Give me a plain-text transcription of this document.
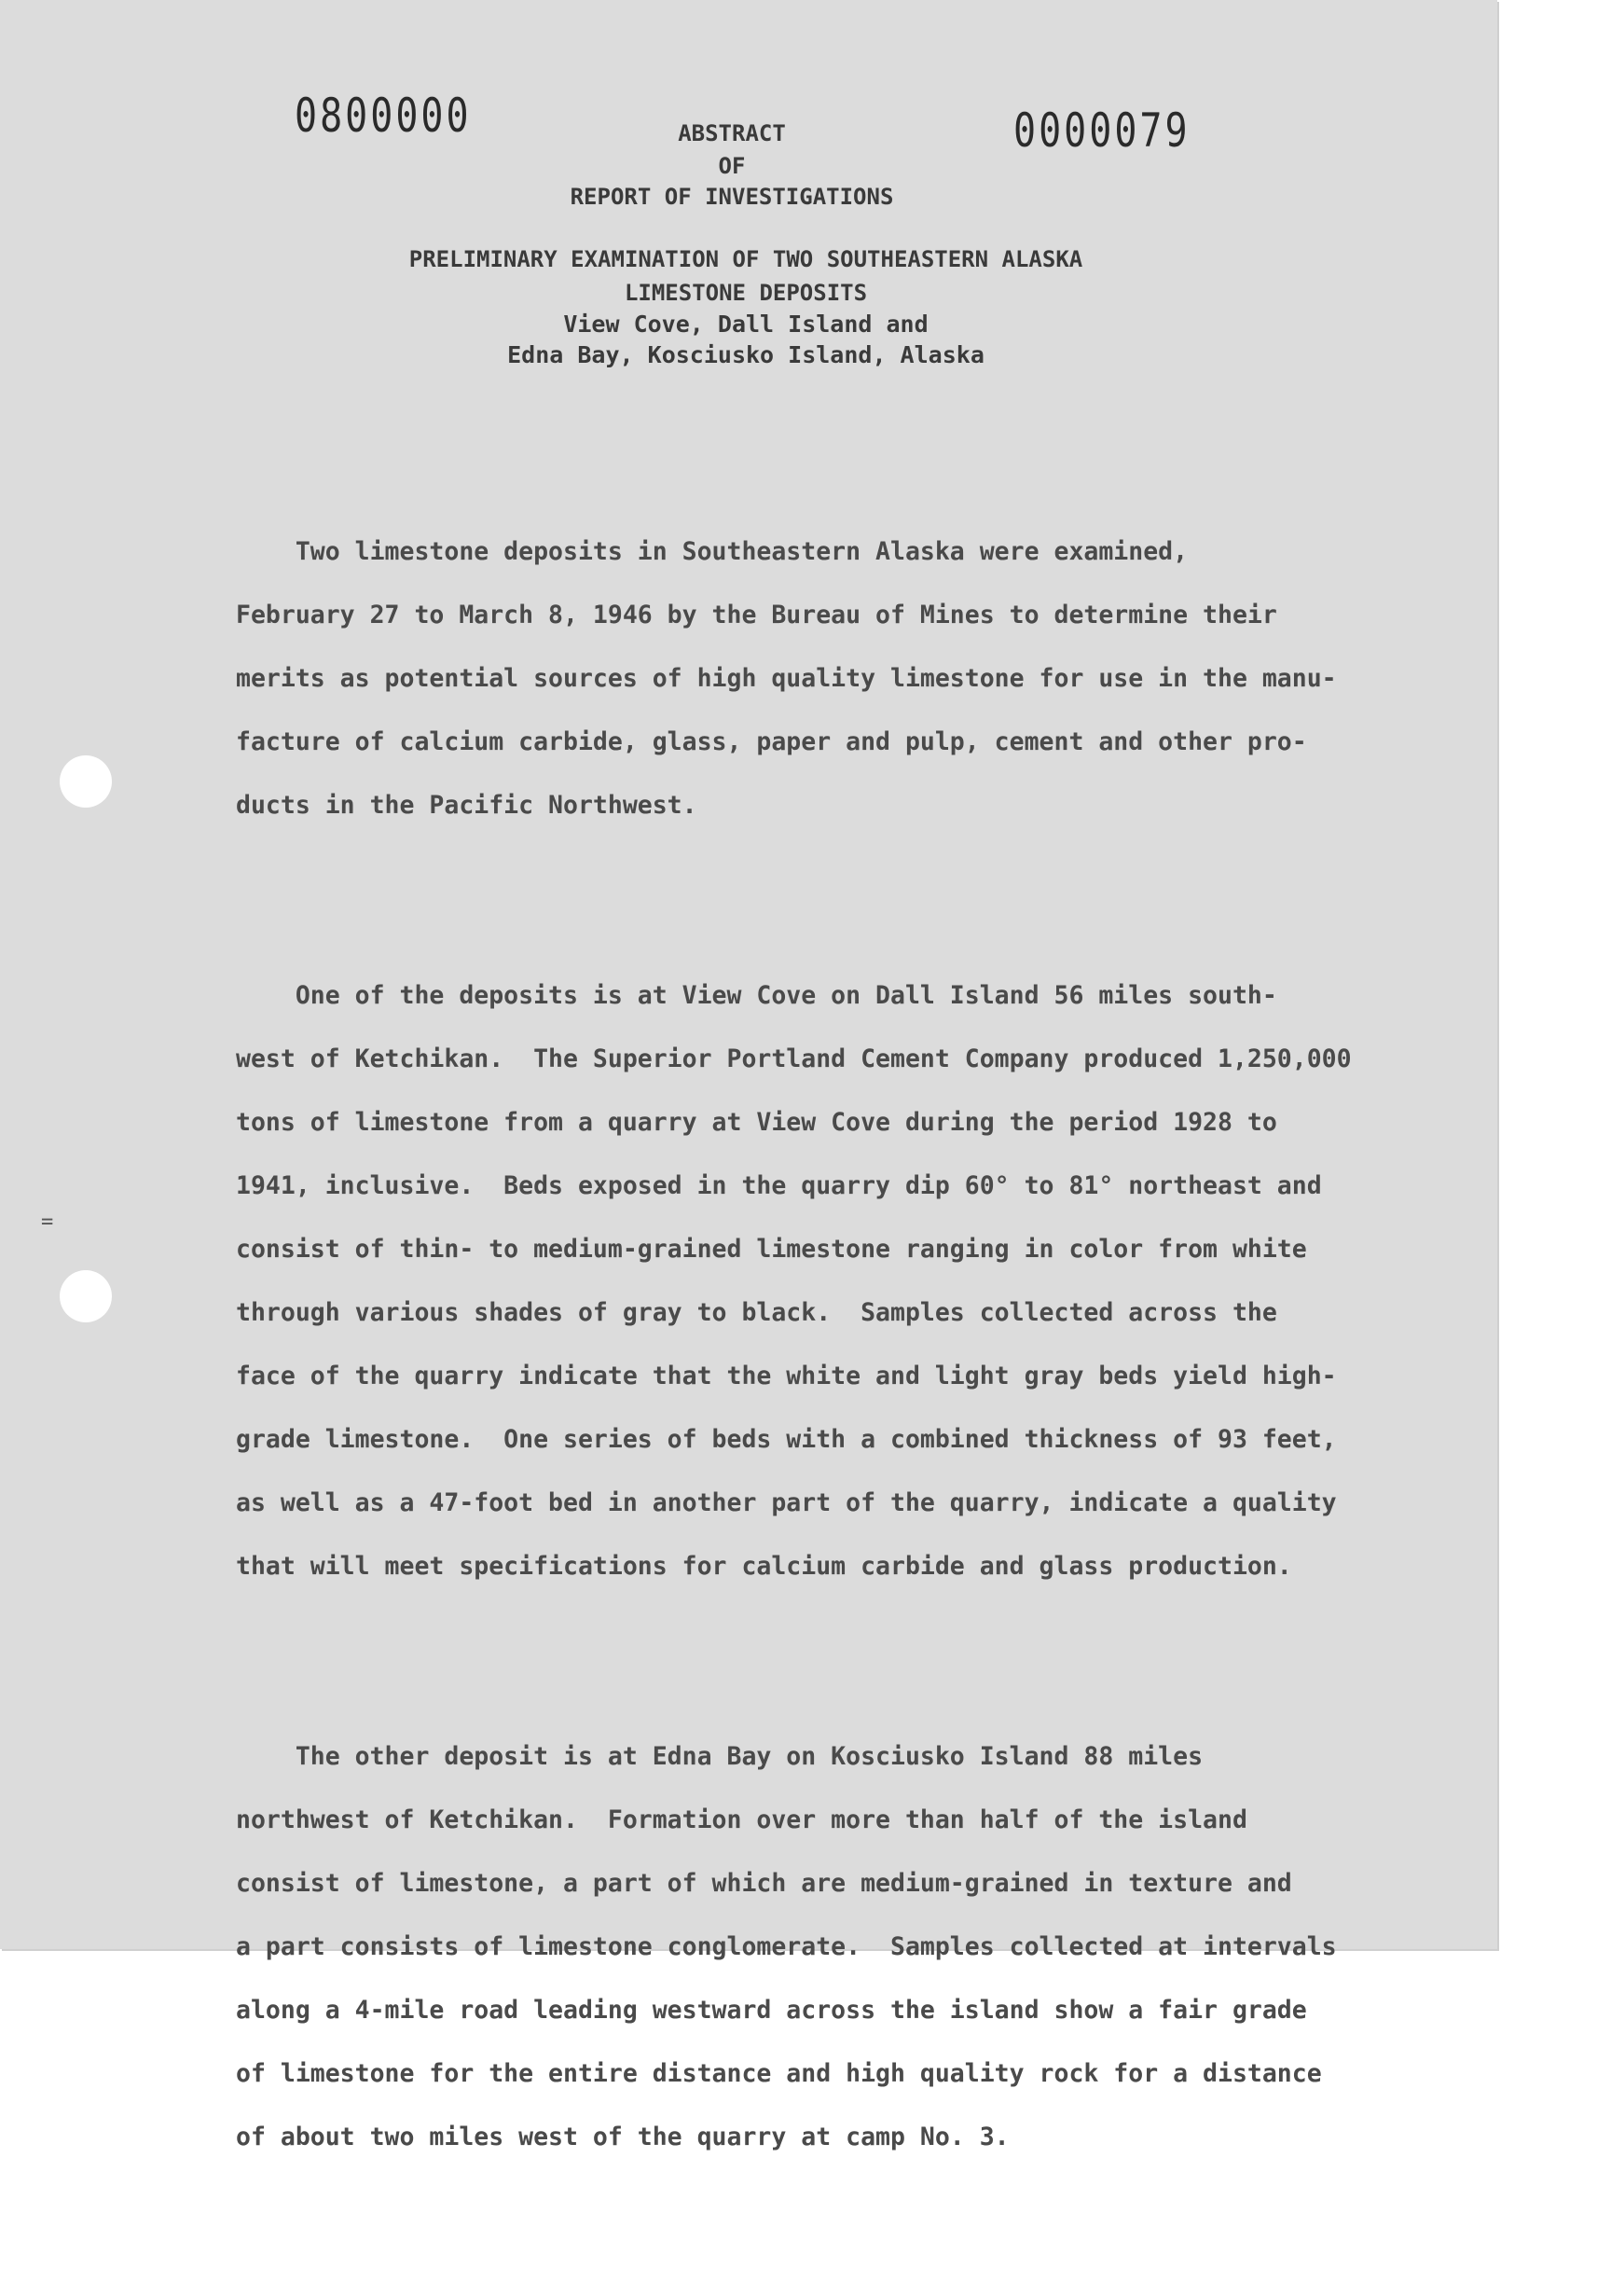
=
0800000	0000079
ABSTRACT
OF
REPORT OF INVESTIGATIONS
PRELIMINARY EXAMINATION OF TWO SOUTHEASTERN ALASKA
LIMESTONE DEPOSITS
View Cove, Dall Island and
Edna Bay, Kosciusko Island, Alaska

Two limestone deposits in Southeastern Alaska were examined,
February 27 to March 8, 1946 by the Bureau of Mines to determine their
merits as potential sources of high quality limestone for use in the manu-
facture of calcium carbide, glass, paper and pulp, cement and other pro-
ducts in the Pacific Northwest.

One of the deposits is at View Cove on Dall Island 56 miles south-
west of Ketchikan.  The Superior Portland Cement Company produced 1,250,000
tons of limestone from a quarry at View Cove during the period 1928 to
1941, inclusive.  Beds exposed in the quarry dip 60° to 81° northeast and
consist of thin- to medium-grained limestone ranging in color from white
through various shades of gray to black.  Samples collected across the
face of the quarry indicate that the white and light gray beds yield high-
grade limestone.  One series of beds with a combined thickness of 93 feet,
as well as a 47-foot bed in another part of the quarry, indicate a quality
that will meet specifications for calcium carbide and glass production.

The other deposit is at Edna Bay on Kosciusko Island 88 miles
northwest of Ketchikan.  Formation over more than half of the island
consist of limestone, a part of which are medium-grained in texture and
a part consists of limestone conglomerate.  Samples collected at intervals
along a 4-mile road leading westward across the island show a fair grade
of limestone for the entire distance and high quality rock for a distance
of about two miles west of the quarry at camp No. 3.
